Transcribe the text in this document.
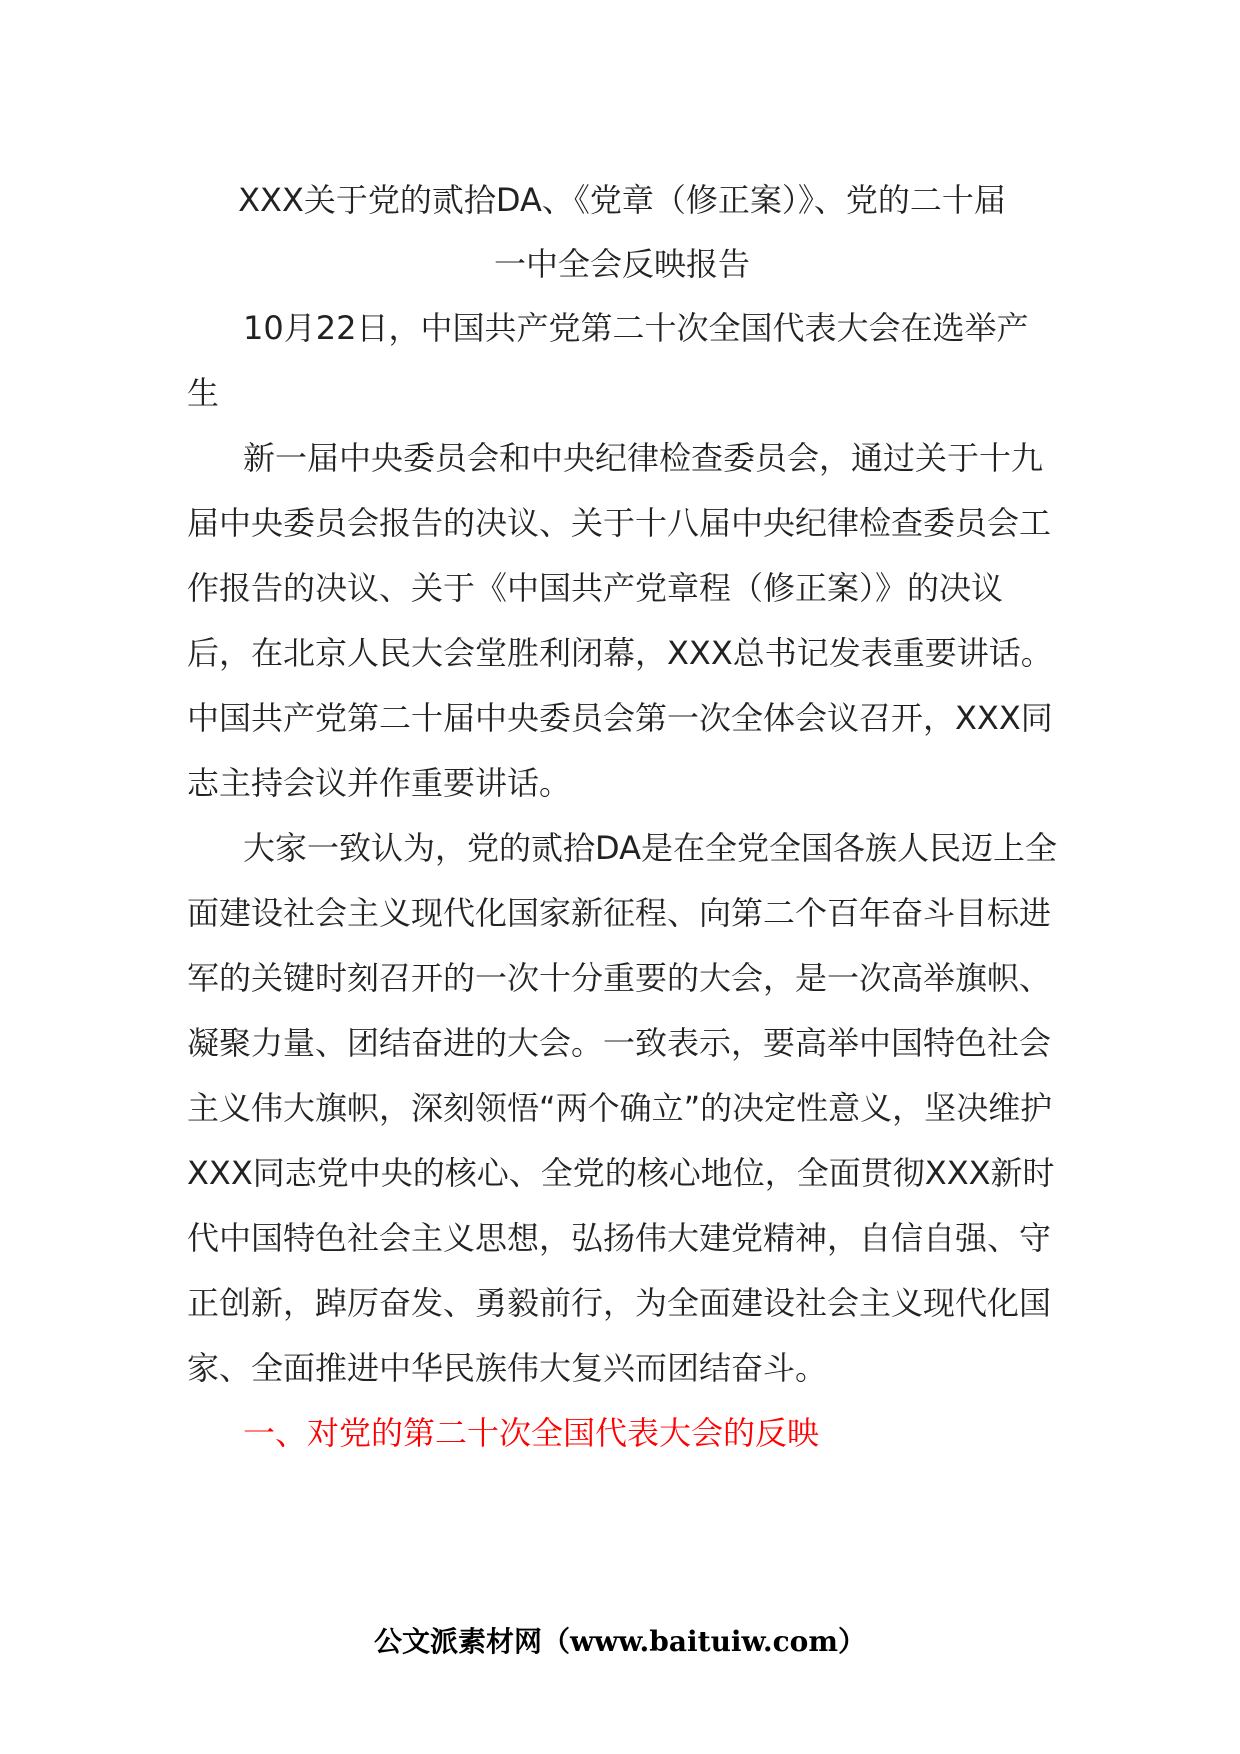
XXX关于党的贰拾DA、《党章（修正案）》、党的二十届

一中全会反映报告

10月22日，中国共产党第二十次全国代表大会在选举产生

新一届中央委员会和中央纪律检查委员会，通过关于十九届中央委员会报告的决议、关于十八届中央纪律检查委员会工作报告的决议、关于《中国共产党章程（修正案）》的决议后，在北京人民大会堂胜利闭幕，XXX总书记发表重要讲话。中国共产党第二十届中央委员会第一次全体会议召开，XXX同志主持会议并作重要讲话。

大家一致认为，党的贰拾DA是在全党全国各族人民迈上全面建设社会主义现代化国家新征程、向第二个百年奋斗目标进军的关键时刻召开的一次十分重要的大会，是一次高举旗帜、凝聚力量、团结奋进的大会。一致表示，要高举中国特色社会主义伟大旗帜，深刻领悟“两个确立”的决定性意义，坚决维护XXX同志党中央的核心、全党的核心地位，全面贯彻XXX新时代中国特色社会主义思想，弘扬伟大建党精神，自信自强、守正创新，踔厉奋发、勇毅前行，为全面建设社会主义现代化国家、全面推进中华民族伟大复兴而团结奋斗。

一、对党的第二十次全国代表大会的反映

公文派素材网（www.baituiw.com）
